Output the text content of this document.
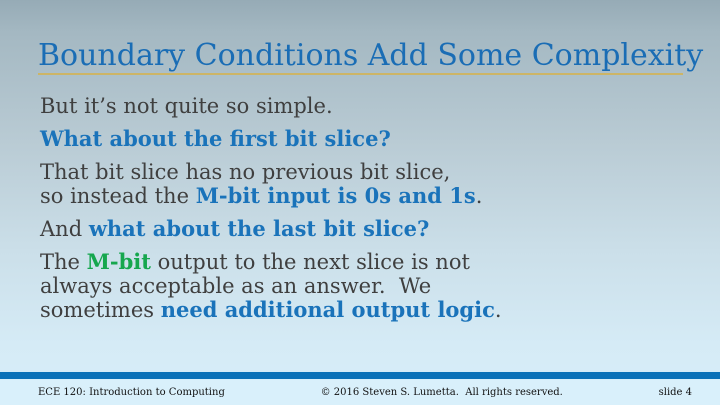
Boundary Conditions Add Some Complexity

But it’s not quite so simple.

What about the first bit slice?

That bit slice has no previous bit slice,
so instead the M-bit input is 0s and 1s.

And what about the last bit slice?

The M-bit output to the next slice is not
always acceptable as an answer.  We
sometimes need additional output logic.

ECE 120: Introduction to Computing	© 2016 Steven S. Lumetta.  All rights reserved.	slide 4
